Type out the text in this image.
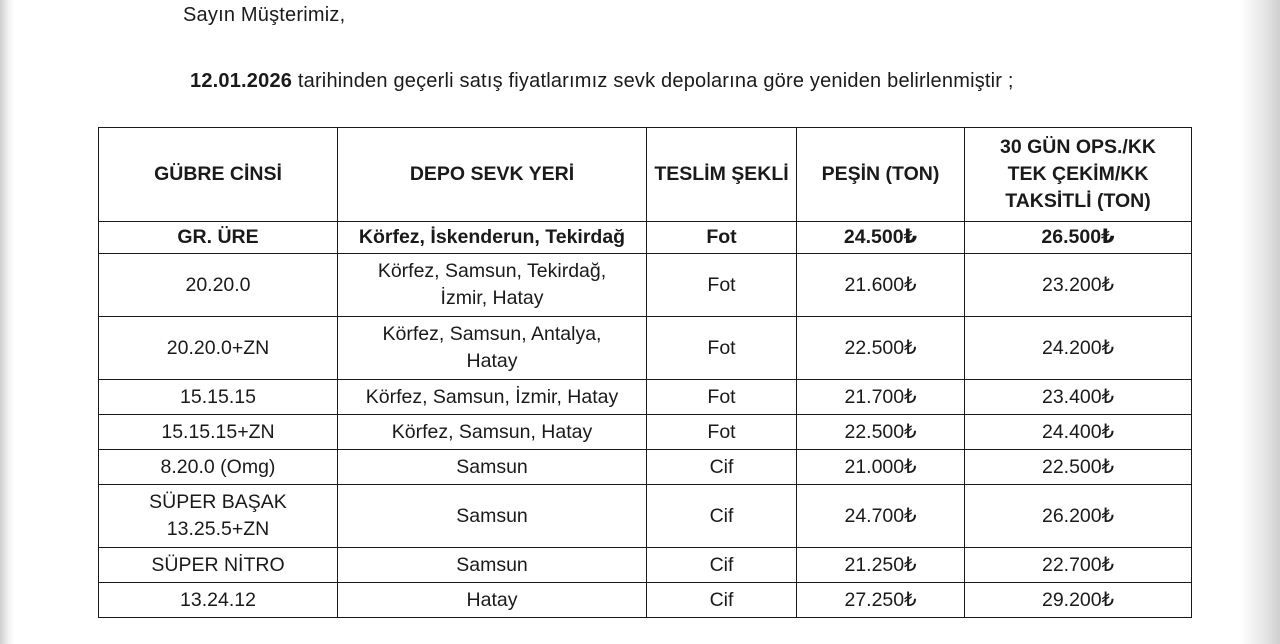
Sayın Müşterimiz,
12.01.2026 tarihinden geçerli satış fiyatlarımız sevk depolarına göre yeniden belirlenmiştir ;
GÜBRE CİNSİ	DEPO SEVK YERİ	TESLİM ŞEKLİ	PEŞİN (TON)	30 GÜN OPS./KK
TEK ÇEKİM/KK
TAKSİTLİ (TON)

GR. ÜRE	Körfez, İskenderun, Tekirdağ	Fot	24.500₺	26.500₺
20.20.0	Körfez, Samsun, Tekirdağ,
İzmir, Hatay	Fot	21.600₺	23.200₺
20.20.0+ZN	Körfez, Samsun, Antalya,
Hatay	Fot	22.500₺	24.200₺
15.15.15	Körfez, Samsun, İzmir, Hatay	Fot	21.700₺	23.400₺
15.15.15+ZN	Körfez, Samsun, Hatay	Fot	22.500₺	24.400₺
8.20.0 (Omg)	Samsun	Cif	21.000₺	22.500₺

SÜPER BAŞAK
13.25.5+ZN	Samsun	Cif	24.700₺	26.200₺
SÜPER NİTRO	Samsun	Cif	21.250₺	22.700₺
13.24.12	Hatay	Cif	27.250₺	29.200₺
